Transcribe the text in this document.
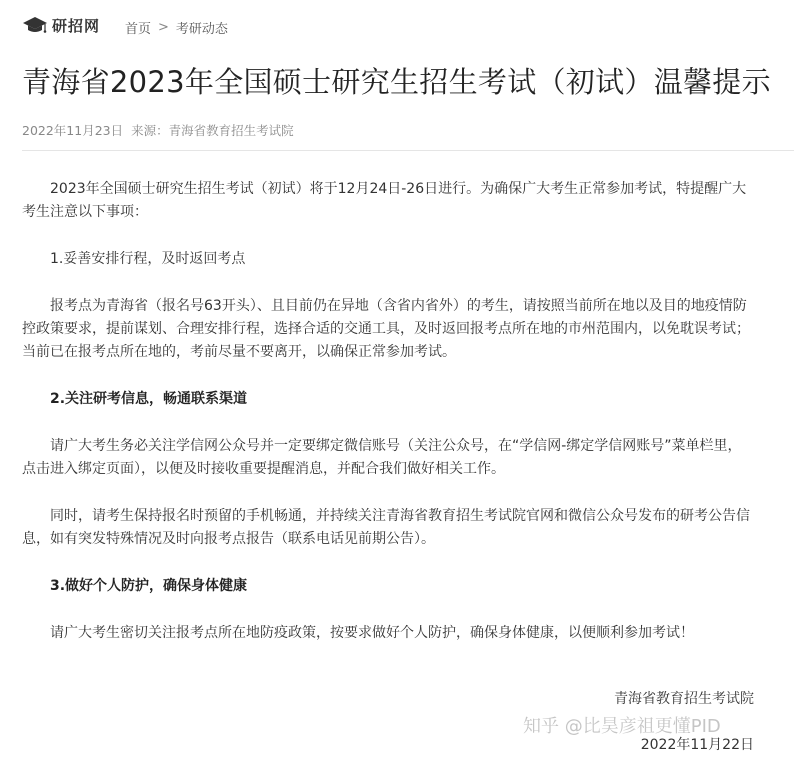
研招网 首页 > 考研动态
青海省2023年全国硕士研究生招生考试（初试）温馨提示
2022年11月23日 来源：青海省教育招生考试院

2023年全国硕士研究生招生考试（初试）将于12月24日-26日进行。为确保广大考生正常参加考试，特提醒广大考生注意以下事项：

1.妥善安排行程，及时返回考点

报考点为青海省（报名号63开头）、且目前仍在异地（含省内省外）的考生，请按照当前所在地以及目的地疫情防控政策要求，提前谋划、合理安排行程，选择合适的交通工具，及时返回报考点所在地的市州范围内，以免耽误考试；当前已在报考点所在地的，考前尽量不要离开，以确保正常参加考试。

2.关注研考信息，畅通联系渠道

请广大考生务必关注学信网公众号并一定要绑定微信账号（关注公众号，在“学信网-绑定学信网账号”菜单栏里，点击进入绑定页面），以便及时接收重要提醒消息，并配合我们做好相关工作。

同时，请考生保持报名时预留的手机畅通，并持续关注青海省教育招生考试院官网和微信公众号发布的研考公告信息，如有突发特殊情况及时向报考点报告（联系电话见前期公告）。

3.做好个人防护，确保身体健康

请广大考生密切关注报考点所在地防疫政策，按要求做好个人防护，确保身体健康，以便顺利参加考试！

青海省教育招生考试院
知乎 @比昊彦祖更懂PID
2022年11月22日
